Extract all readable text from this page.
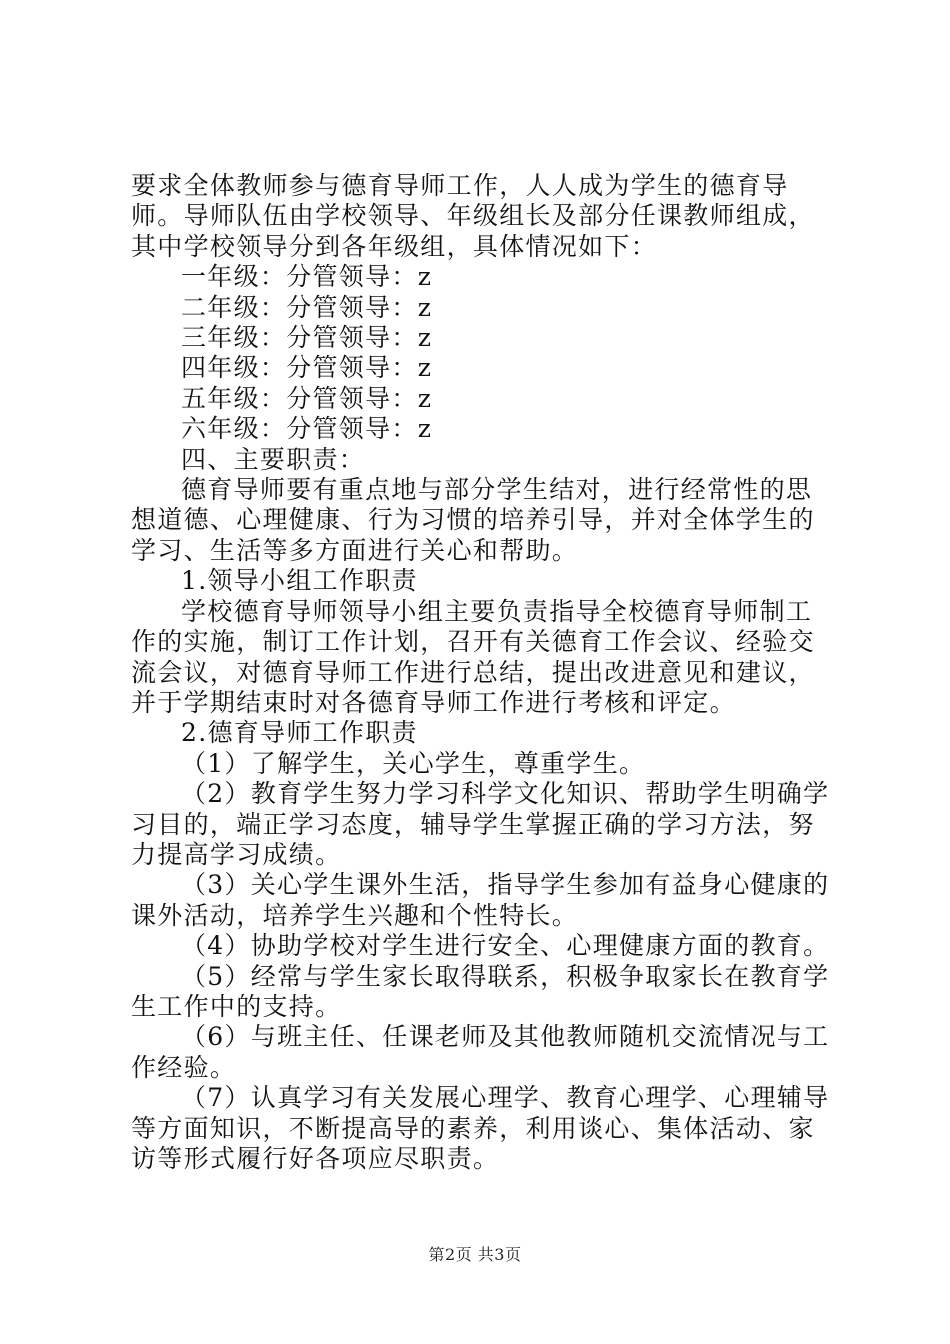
要求全体教师参与德育导师工作，人人成为学生的德育导师。导师队伍由学校领导、年级组长及部分任课教师组成，其中学校领导分到各年级组，具体情况如下：

一年级：分管领导：z

二年级：分管领导：z

三年级：分管领导：z

四年级：分管领导：z

五年级：分管领导：z

六年级：分管领导：z

四、主要职责：

德育导师要有重点地与部分学生结对，进行经常性的思想道德、心理健康、行为习惯的培养引导，并对全体学生的学习、生活等多方面进行关心和帮助。

1.领导小组工作职责

学校德育导师领导小组主要负责指导全校德育导师制工作的实施，制订工作计划，召开有关德育工作会议、经验交流会议，对德育导师工作进行总结，提出改进意见和建议，并于学期结束时对各德育导师工作进行考核和评定。

2.德育导师工作职责

（1）了解学生，关心学生，尊重学生。

（2）教育学生努力学习科学文化知识、帮助学生明确学习目的，端正学习态度，辅导学生掌握正确的学习方法，努力提高学习成绩。

（3）关心学生课外生活，指导学生参加有益身心健康的课外活动，培养学生兴趣和个性特长。

（4）协助学校对学生进行安全、心理健康方面的教育。

（5）经常与学生家长取得联系，积极争取家长在教育学生工作中的支持。

（6）与班主任、任课老师及其他教师随机交流情况与工作经验。

（7）认真学习有关发展心理学、教育心理学、心理辅导等方面知识，不断提高导的素养，利用谈心、集体活动、家访等形式履行好各项应尽职责。

第2页 共3页
